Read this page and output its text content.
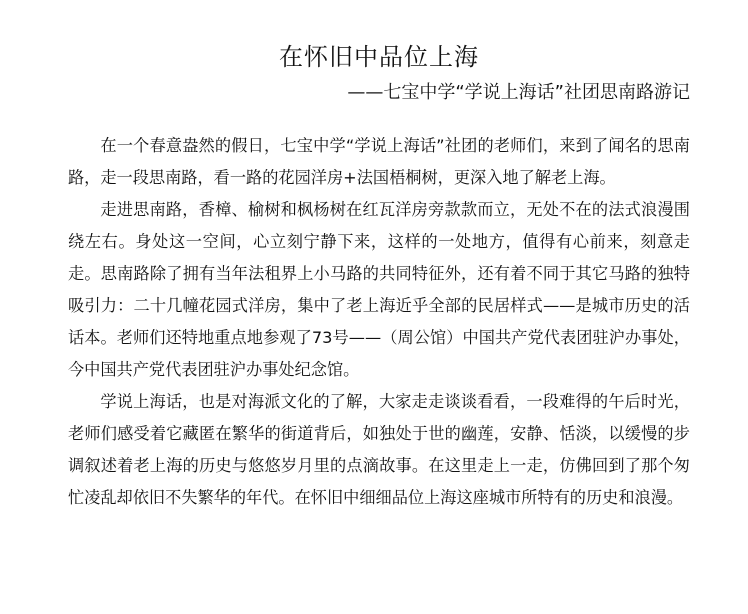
在怀旧中品位上海
——七宝中学“学说上海话”社团思南路游记

在一个春意盎然的假日，七宝中学“学说上海话”社团的老师们，来到了闻名的思南路，走一段思南路，看一路的花园洋房+法国梧桐树，更深入地了解老上海。

走进思南路，香樟、榆树和枫杨树在红瓦洋房旁款款而立，无处不在的法式浪漫围绕左右。身处这一空间，心立刻宁静下来，这样的一处地方，值得有心前来，刻意走走。思南路除了拥有当年法租界上小马路的共同特征外，还有着不同于其它马路的独特吸引力：二十几幢花园式洋房，集中了老上海近乎全部的民居样式——是城市历史的活话本。老师们还特地重点地参观了73号——（周公馆）中国共产党代表团驻沪办事处，今中国共产党代表团驻沪办事处纪念馆。

学说上海话，也是对海派文化的了解，大家走走谈谈看看，一段难得的午后时光，老师们感受着它藏匿在繁华的街道背后，如独处于世的幽莲，安静、恬淡，以缓慢的步调叙述着老上海的历史与悠悠岁月里的点滴故事。在这里走上一走，仿佛回到了那个匆忙凌乱却依旧不失繁华的年代。在怀旧中细细品位上海这座城市所特有的历史和浪漫。
